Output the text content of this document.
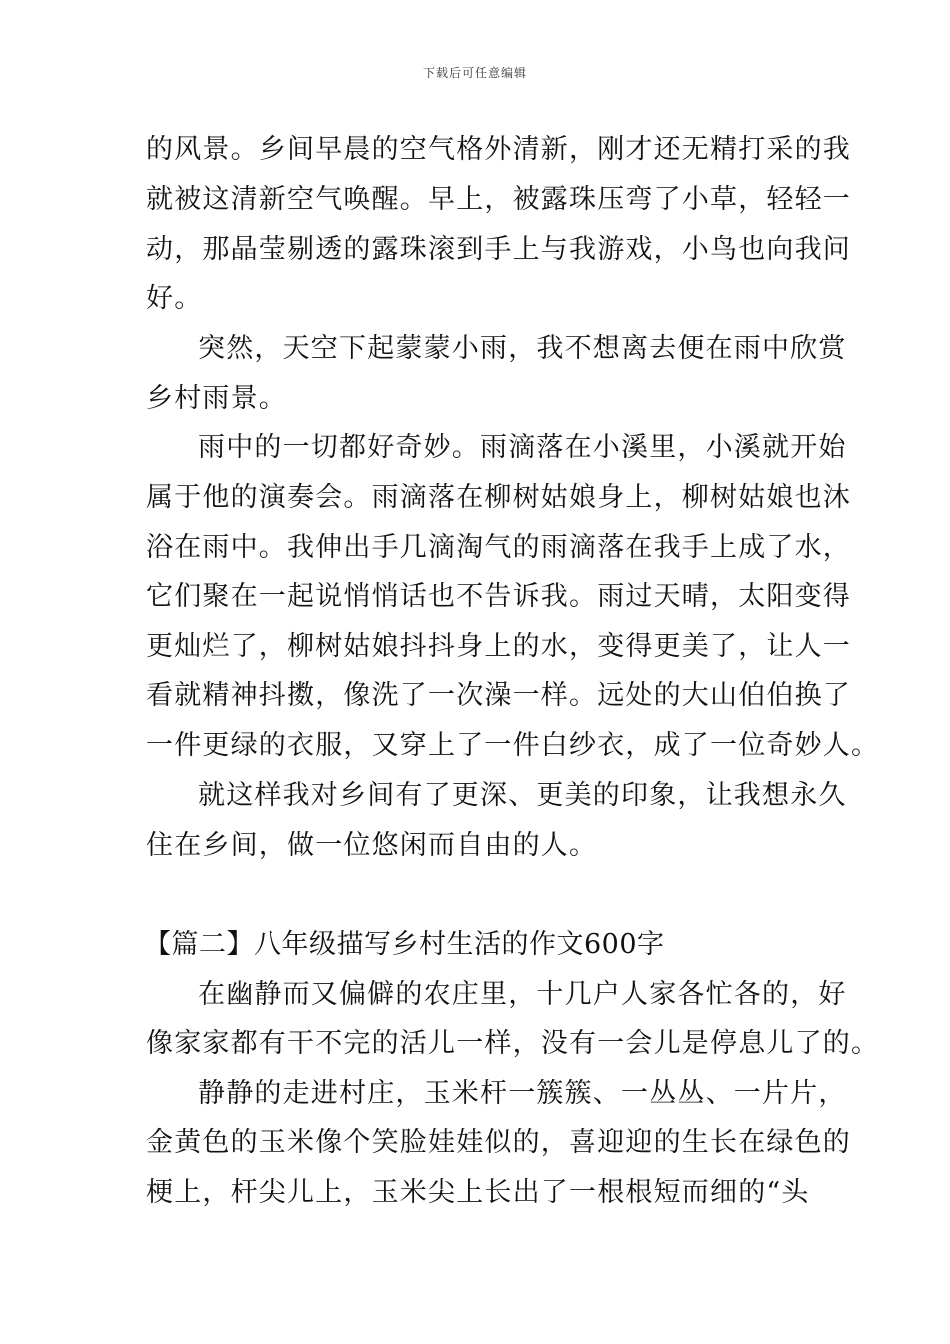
下载后可任意编辑
的风景。乡间早晨的空气格外清新，刚才还无精打采的我
就被这清新空气唤醒。早上，被露珠压弯了小草，轻轻一
动，那晶莹剔透的露珠滚到手上与我游戏，小鸟也向我问
好。
突然，天空下起蒙蒙小雨，我不想离去便在雨中欣赏
乡村雨景。
雨中的一切都好奇妙。雨滴落在小溪里，小溪就开始
属于他的演奏会。雨滴落在柳树姑娘身上，柳树姑娘也沐
浴在雨中。我伸出手几滴淘气的雨滴落在我手上成了水，
它们聚在一起说悄悄话也不告诉我。雨过天晴，太阳变得
更灿烂了，柳树姑娘抖抖身上的水，变得更美了，让人一
看就精神抖擞，像洗了一次澡一样。远处的大山伯伯换了
一件更绿的衣服，又穿上了一件白纱衣，成了一位奇妙人。
就这样我对乡间有了更深、更美的印象，让我想永久
住在乡间，做一位悠闲而自由的人。
【篇二】八年级描写乡村生活的作文600字
在幽静而又偏僻的农庄里，十几户人家各忙各的，好
像家家都有干不完的活儿一样，没有一会儿是停息儿了的。
静静的走进村庄，玉米杆一簇簇、一丛丛、一片片，
金黄色的玉米像个笑脸娃娃似的，喜迎迎的生长在绿色的
梗上，杆尖儿上，玉米尖上长出了一根根短而细的“头
